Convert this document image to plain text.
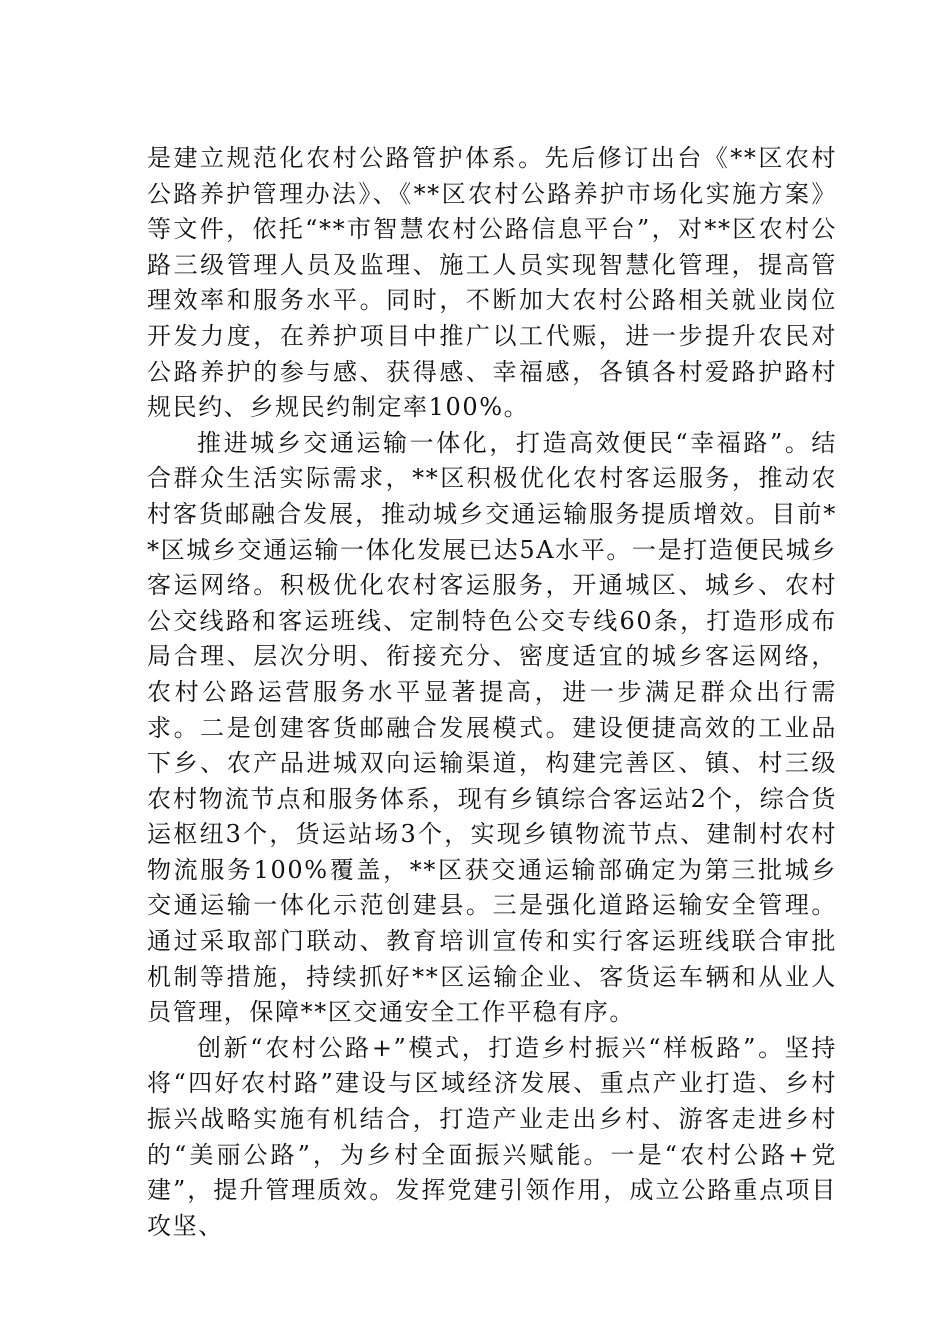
是建立规范化农村公路管护体系。先后修订出台《**区农村公路养护管理办法》、《**区农村公路养护市场化实施方案》等文件，依托“**市智慧农村公路信息平台”，对**区农村公路三级管理人员及监理、施工人员实现智慧化管理，提高管理效率和服务水平。同时，不断加大农村公路相关就业岗位开发力度，在养护项目中推广以工代赈，进一步提升农民对公路养护的参与感、获得感、幸福感，各镇各村爱路护路村规民约、乡规民约制定率100%。

推进城乡交通运输一体化，打造高效便民“幸福路”。结合群众生活实际需求，**区积极优化农村客运服务，推动农村客货邮融合发展，推动城乡交通运输服务提质增效。目前**区城乡交通运输一体化发展已达5A水平。一是打造便民城乡客运网络。积极优化农村客运服务，开通城区、城乡、农村公交线路和客运班线、定制特色公交专线60条，打造形成布局合理、层次分明、衔接充分、密度适宜的城乡客运网络，农村公路运营服务水平显著提高，进一步满足群众出行需求。二是创建客货邮融合发展模式。建设便捷高效的工业品下乡、农产品进城双向运输渠道，构建完善区、镇、村三级农村物流节点和服务体系，现有乡镇综合客运站2个，综合货运枢纽3个，货运站场3个，实现乡镇物流节点、建制村农村物流服务100%覆盖，**区获交通运输部确定为第三批城乡交通运输一体化示范创建县。三是强化道路运输安全管理。通过采取部门联动、教育培训宣传和实行客运班线联合审批机制等措施，持续抓好**区运输企业、客货运车辆和从业人员管理，保障**区交通安全工作平稳有序。

创新“农村公路+”模式，打造乡村振兴“样板路”。坚持将“四好农村路”建设与区域经济发展、重点产业打造、乡村振兴战略实施有机结合，打造产业走出乡村、游客走进乡村的“美丽公路”，为乡村全面振兴赋能。一是“农村公路+党建”，提升管理质效。发挥党建引领作用，成立公路重点项目攻坚、
